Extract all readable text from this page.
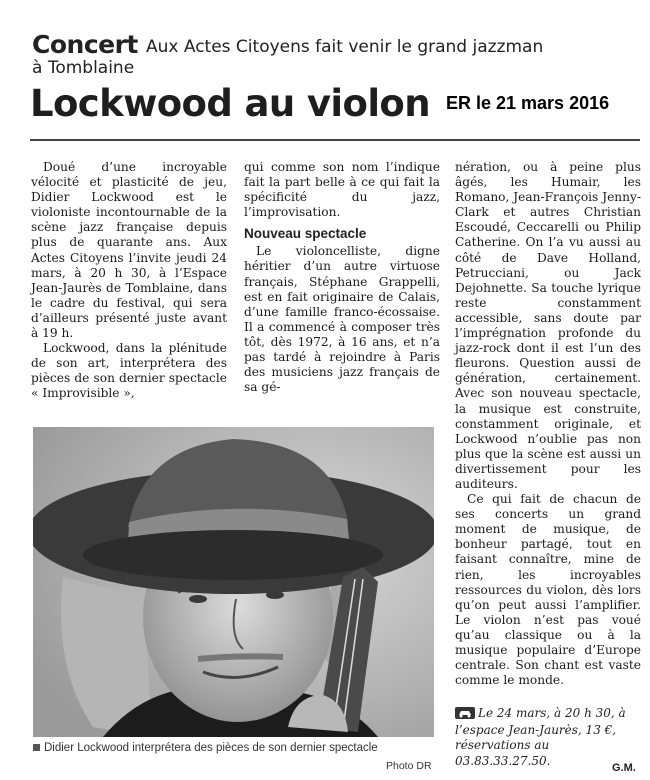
Concert Aux Actes Citoyens fait venir le grand jazzman
à Tomblaine
Lockwood au violon ER le 21 mars 2016

Doué d’une incroyable vélocité et plasticité de jeu, Didier Lockwood est le violoniste incontournable de la scène jazz française depuis plus de quarante ans. Aux Actes Citoyens l’invite jeudi 24 mars, à 20 h 30, à l’Espace Jean-Jaurès de Tomblaine, dans le cadre du festival, qui sera d’ailleurs présenté juste avant à 19 h.

Lockwood, dans la plénitude de son art, interprétera des pièces de son dernier spectacle « Improvisible »,

qui comme son nom l’indique fait la part belle à ce qui fait la spécificité du jazz, l’improvisation.

Nouveau spectacle

Le violoncelliste, digne héritier d’un autre virtuose français, Stéphane Grappelli, est en fait originaire de Calais, d’une famille franco-écossaise. Il a commencé à composer très tôt, dès 1972, à 16 ans, et n’a pas tardé à rejoindre à Paris des musiciens jazz français de sa gé-

nération, ou à peine plus âgés, les Humair, les Romano, Jean-François Jenny-Clark et autres Christian Escoudé, Ceccarelli ou Philip Catherine. On l’a vu aussi au côté de Dave Holland, Petrucciani, ou Jack Dejohnette. Sa touche lyrique reste constamment accessible, sans doute par l’imprégnation profonde du jazz-rock dont il est l’un des fleurons. Question aussi de génération, certainement. Avec son nouveau spectacle, la musique est construite, constamment originale, et Lockwood n’oublie pas non plus que la scène est aussi un divertissement pour les auditeurs.

Ce qui fait de chacun de ses concerts un grand moment de musique, de bonheur partagé, tout en faisant connaître, mine de rien, les incroyables ressources du violon, dès lors qu’on peut aussi l’amplifier. Le violon n’est pas voué qu’au classique ou à la musique populaire d’Europe centrale. Son chant est vaste comme le monde.

Didier Lockwood interprétera des pièces de son dernier spectacle
Photo DR
Le 24 mars, à 20 h 30, à l’espace Jean-Jaurès, 13 €, réservations au 03.83.33.27.50.
G.M.
